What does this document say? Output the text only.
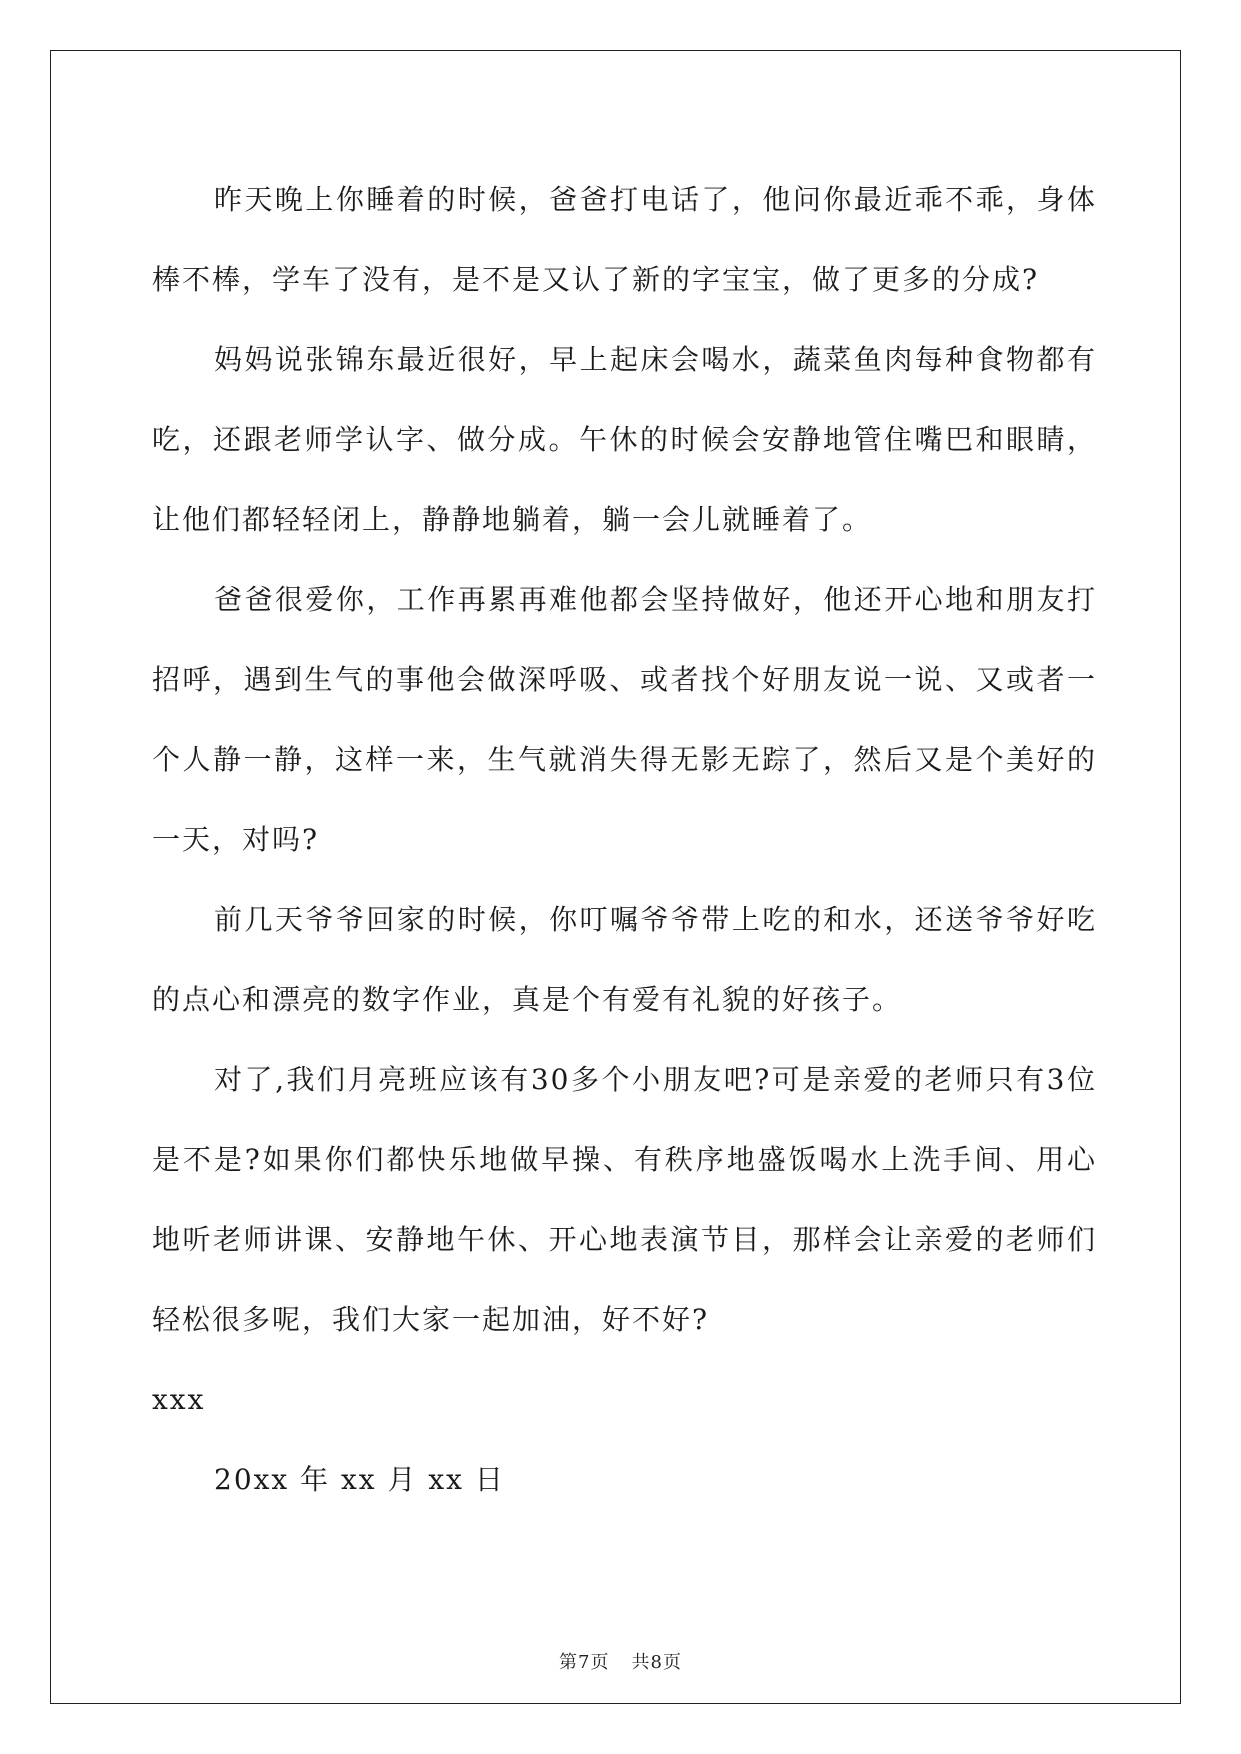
昨天晚上你睡着的时候，爸爸打电话了，他问你最近乖不乖，身体棒不棒，学车了没有，是不是又认了新的字宝宝，做了更多的分成?

妈妈说张锦东最近很好，早上起床会喝水，蔬菜鱼肉每种食物都有吃，还跟老师学认字、做分成。午休的时候会安静地管住嘴巴和眼睛，让他们都轻轻闭上，静静地躺着，躺一会儿就睡着了。

爸爸很爱你，工作再累再难他都会坚持做好，他还开心地和朋友打招呼，遇到生气的事他会做深呼吸、或者找个好朋友说一说、又或者一个人静一静，这样一来，生气就消失得无影无踪了，然后又是个美好的一天，对吗?

前几天爷爷回家的时候，你叮嘱爷爷带上吃的和水，还送爷爷好吃的点心和漂亮的数字作业，真是个有爱有礼貌的好孩子。

对了,我们月亮班应该有30多个小朋友吧?可是亲爱的老师只有3位是不是?如果你们都快乐地做早操、有秩序地盛饭喝水上洗手间、用心地听老师讲课、安静地午休、开心地表演节目，那样会让亲爱的老师们轻松很多呢，我们大家一起加油，好不好?

xxx

20xx 年 xx 月 xx 日

第7页 共8页
